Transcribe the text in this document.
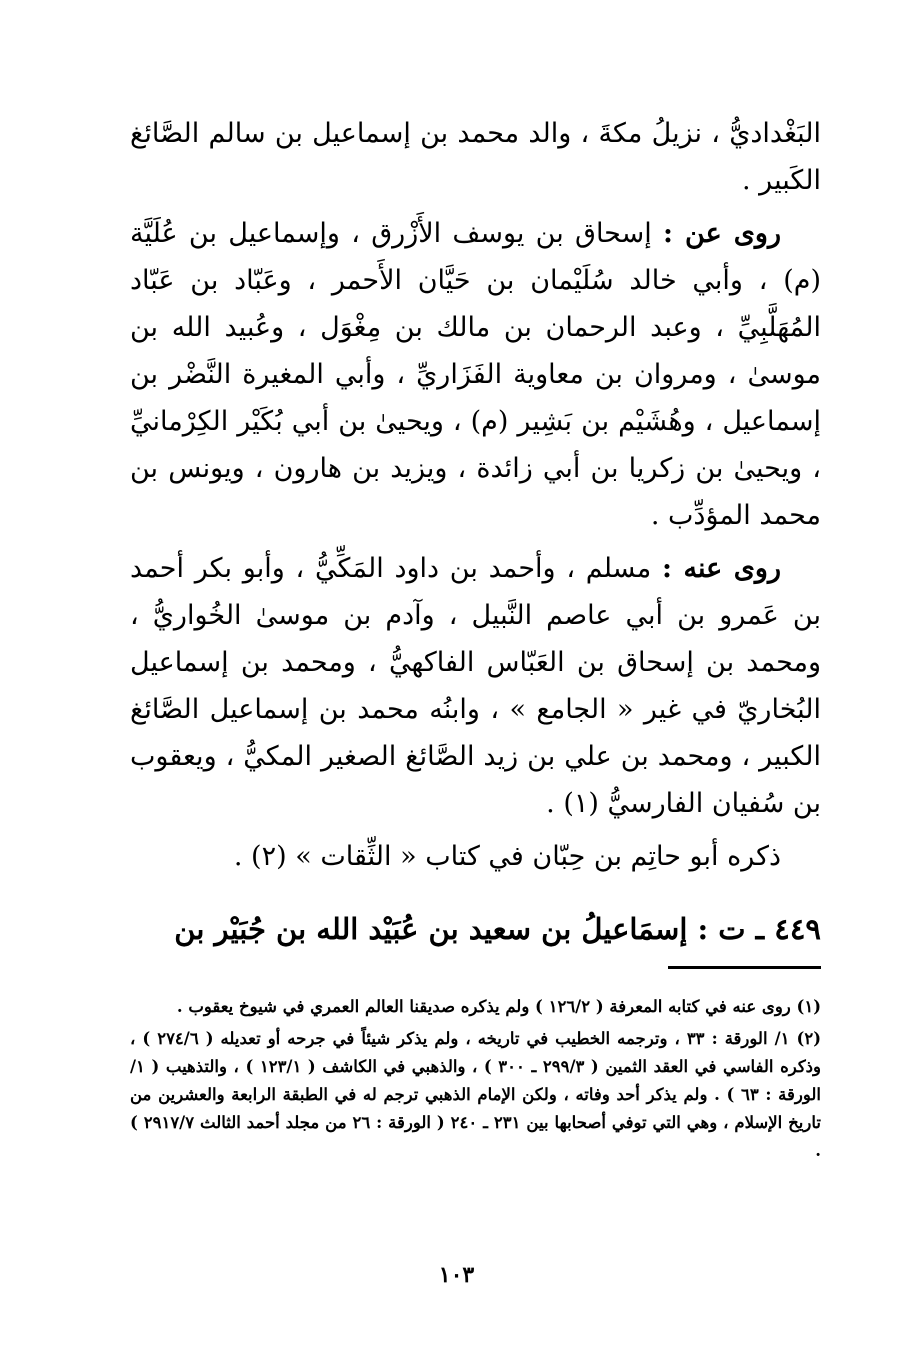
البَغْداديُّ ، نزيلُ مكةَ ، والد محمد بن إسماعيل بن سالم الصَّائغ الكَبير .

روى عن : إسحاق بن يوسف الأَزْرق ، وإسماعيل بن عُلَيَّة (م) ، وأبي خالد سُلَيْمان بن حَيَّان الأَحمر ، وعَبّاد بن عَبّاد المُهَلَّبِيِّ ، وعبد الرحمان بن مالك بن مِغْوَل ، وعُبيد الله بن موسىٰ ، ومروان بن معاوية الفَزَاريِّ ، وأبي المغيرة النَّضْر بن إسماعيل ، وهُشَيْم بن بَشِير (م) ، ويحيىٰ بن أبي بُكَيْر الكِرْمانيِّ ، ويحيىٰ بن زكريا بن أبي زائدة ، ويزيد بن هارون ، ويونس بن محمد المؤدِّب .

روى عنه : مسلم ، وأحمد بن داود المَكِّيُّ ، وأبو بكر أحمد بن عَمرو بن أبي عاصم النَّبيل ، وآدم بن موسىٰ الخُواريُّ ، ومحمد بن إسحاق بن العَبّاس الفاكهيُّ ، ومحمد بن إسماعيل البُخاريّ في غير « الجامع » ، وابنُه محمد بن إسماعيل الصَّائغ الكبير ، ومحمد بن علي بن زيد الصَّائغ الصغير المكيُّ ، ويعقوب بن سُفيان الفارسيُّ (١) .

ذكره أبو حاتِم بن حِبّان في كتاب « الثِّقات » (٢) .

٤٤٩ ـ ت : إسمَاعيلُ بن سعيد بن عُبَيْد الله بن جُبَيْر بن

(١) روى عنه في كتابه المعرفة ( ١٢٦/٢ ) ولم يذكره صديقنا العالم العمري في شيوخ يعقوب .

(٢) ١/ الورقة : ٣٣ ، وترجمه الخطيب في تاريخه ، ولم يذكر شيئاً في جرحه أو تعديله ( ٢٧٤/٦ ) ، وذكره الفاسي في العقد الثمين ( ٢٩٩/٣ ـ ٣٠٠ ) ، والذهبي في الكاشف ( ١٢٣/١ ) ، والتذهيب ( ١/ الورقة : ٦٣ ) . ولم يذكر أحد وفاته ، ولكن الإمام الذهبي ترجم له في الطبقة الرابعة والعشرين من تاريخ الإسلام ، وهي التي توفي أصحابها بين ٢٣١ ـ ٢٤٠ ( الورقة : ٢٦ من مجلد أحمد الثالث ٢٩١٧/٧ ) .

١٠٣
